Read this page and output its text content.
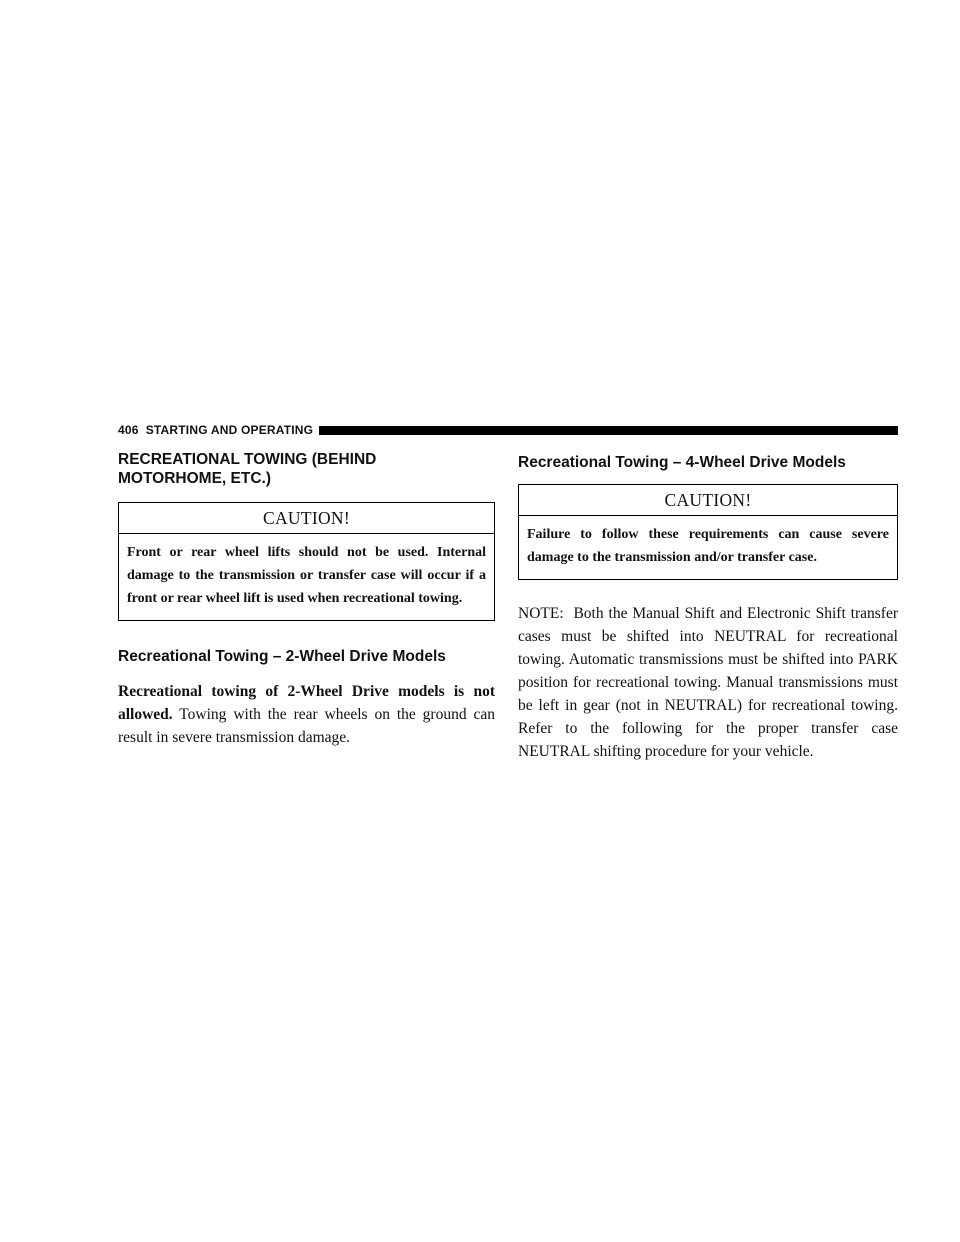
406 STARTING AND OPERATING
RECREATIONAL TOWING (BEHIND MOTORHOME, ETC.)
CAUTION!
Front or rear wheel lifts should not be used. Internal damage to the transmission or transfer case will occur if a front or rear wheel lift is used when recreational towing.
Recreational Towing – 2-Wheel Drive Models

Recreational towing of 2-Wheel Drive models is not allowed. Towing with the rear wheels on the ground can result in severe transmission damage.

Recreational Towing – 4-Wheel Drive Models
CAUTION!
Failure to follow these requirements can cause severe damage to the transmission and/or transfer case.

NOTE:  Both the Manual Shift and Electronic Shift transfer cases must be shifted into NEUTRAL for recreational towing. Automatic transmissions must be shifted into PARK position for recreational towing. Manual transmissions must be left in gear (not in NEUTRAL) for recreational towing. Refer to the following for the proper transfer case NEUTRAL shifting procedure for your vehicle.
